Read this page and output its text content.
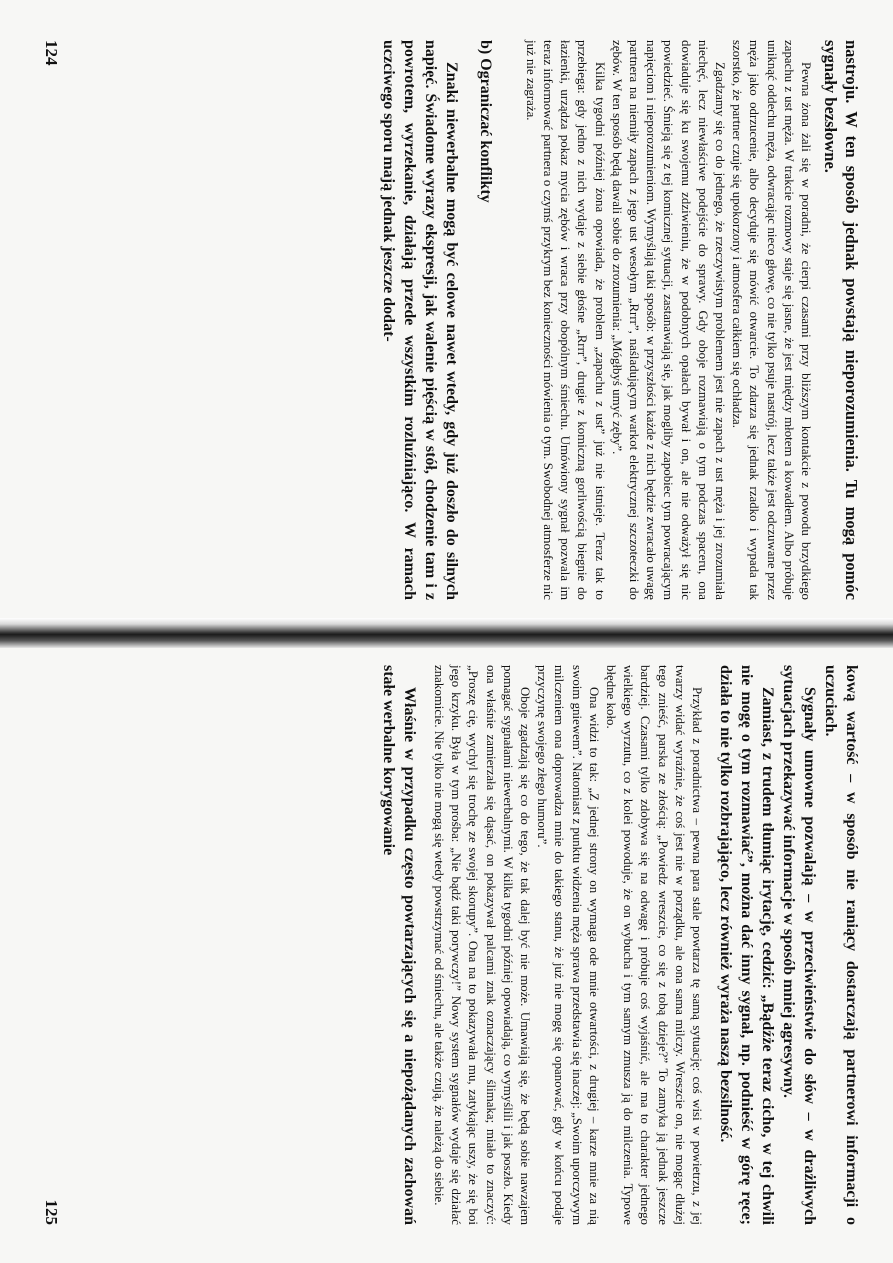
nastroju. W ten sposób jednak powstają nieporozumienia. Tu mogą pomóc sygnały bezsłowne.

Pewna żona żali się w poradni, że cierpi czasami przy bliższym kontakcie z powodu brzydkiego zapachu z ust męża. W trakcie rozmowy staje się jasne, że jest między młotem a kowadłem. Albo próbuje uniknąć oddechu męża, odwracając nieco głowę, co nie tylko psuje nastrój, lecz także jest odczuwane przez męża jako odrzucenie, albo decyduje się mówić otwarcie. To zdarza się jednak rzadko i wypada tak szorstko, że partner czuje się upokorzony i atmosfera całkiem się ochładza.

Zgadzamy się co do jednego, że rzeczywistym problemem jest nie zapach z ust męża i jej zrozumiała niechęć, lecz niewłaściwe podejście do sprawy. Gdy oboje rozmawiają o tym podczas spaceru, ona dowiaduje się ku swojemu zdziwieniu, że w podobnych opałach bywał i on, ale nie odważył się nic powiedzieć. Śmieją się z tej komicznej sytuacji, zastanawiają się, jak mogliby zapobiec tym powracającym napięciom i nieporozumieniom. Wymyślają taki sposób: w przyszłości każde z nich będzie zwracało uwagę partnera na niemiły zapach z jego ust wesołym „Rrrr”, naśladującym warkot elektrycznej szczoteczki do zębów. W ten sposób będą dawali sobie do zrozumienia: „Mógłbyś umyć zęby”.

Kilka tygodni później żona opowiada, że problem „zapachu z ust” już nie istnieje. Teraz tak to przebiega: gdy jedno z nich wydaje z siebie głośne „Rrrr”, drugie z komiczną gorliwością biegnie do łazienki, urządza pokaz mycia zębów i wraca przy obopólnym śmiechu. Umówiony sygnał pozwala im teraz informować partnera o czymś przykrym bez konieczności mówienia o tym. Swobodnej atmosferze nic już nie zagraża.

b) Ograniczać konflikty

Znaki niewerbalne mogą być celowe nawet wtedy, gdy już doszło do silnych napięć. Świadome wyrazy ekspresji, jak walenie pięścią w stół, chodzenie tam i z powrotem, wyrzekanie, działają przede wszystkim rozluźniająco. W ramach uczciwego sporu mają jednak jeszcze dodat-

124

kową wartość – w sposób nie raniący dostarczają partnerowi informacji o uczuciach.

Sygnały umowne pozwalają – w przeciwieństwie do słów – w drażliwych sytuacjach przekazywać informacje w sposób mniej agresywny.

Zamiast, z trudem tłumiąc irytację, cedzić: „Bądźże teraz cicho, w tej chwili nie mogę o tym rozmawiać”, można dać inny sygnał, np. podnieść w górę ręce; działa to nie tylko rozbrajająco, lecz również wyraża naszą bezsilność.

Przykład z poradnictwa – pewna para stale powtarza tę samą sytuację: coś wisi w powietrzu, z jej twarzy widać wyraźnie, że coś jest nie w porządku, ale ona sama milczy. Wreszcie on, nie mogąc dłużej tego znieść, parska ze złością: „Powiedz wreszcie, co się z tobą dzieje?” To zamyka ją jednak jeszcze bardziej. Czasami tylko zdobywa się na odwagę i próbuje coś wyjaśnić, ale ma to charakter jednego wielkiego wyrzutu, co z kolei powoduje, że on wybucha i tym samym zmusza ją do milczenia. Typowe błędne koło.

Ona widzi to tak: „Z jednej strony on wymaga ode mnie otwartości, z drugiej – karze mnie za nią swoim gniewem”. Natomiast z punktu widzenia męża sprawa przedstawia się inaczej: „Swoim uporczywym milczeniem ona doprowadza mnie do takiego stanu, że już nie mogę się opanować, gdy w końcu podaje przyczynę swojego złego humoru”.

Oboje zgadzają się co do tego, że tak dalej być nie może. Umawiają się, że będą sobie nawzajem pomagać sygnałami niewerbalnymi. W kilka tygodni później opowiadają, co wymyślili i jak poszło. Kiedy ona właśnie zamierzała się dąsać, on pokazywał palcami znak oznaczający ślimaka; miało to znaczyć: „Proszę cię, wychyl się trochę ze swojej skorupy”. Ona na to pokazywała mu, zatykając uszy, że się boi jego krzyku. Była w tym prośba: „Nie bądź taki porywczy!” Nowy system sygnałów wydaje się działać znakomicie. Nie tylko nie mogą się wtedy powstrzymać od śmiechu, ale także czują, że należą do siebie.

Właśnie w przypadku często powtarzających się a niepożądanych zachowań stałe werbalne korygowanie

125
